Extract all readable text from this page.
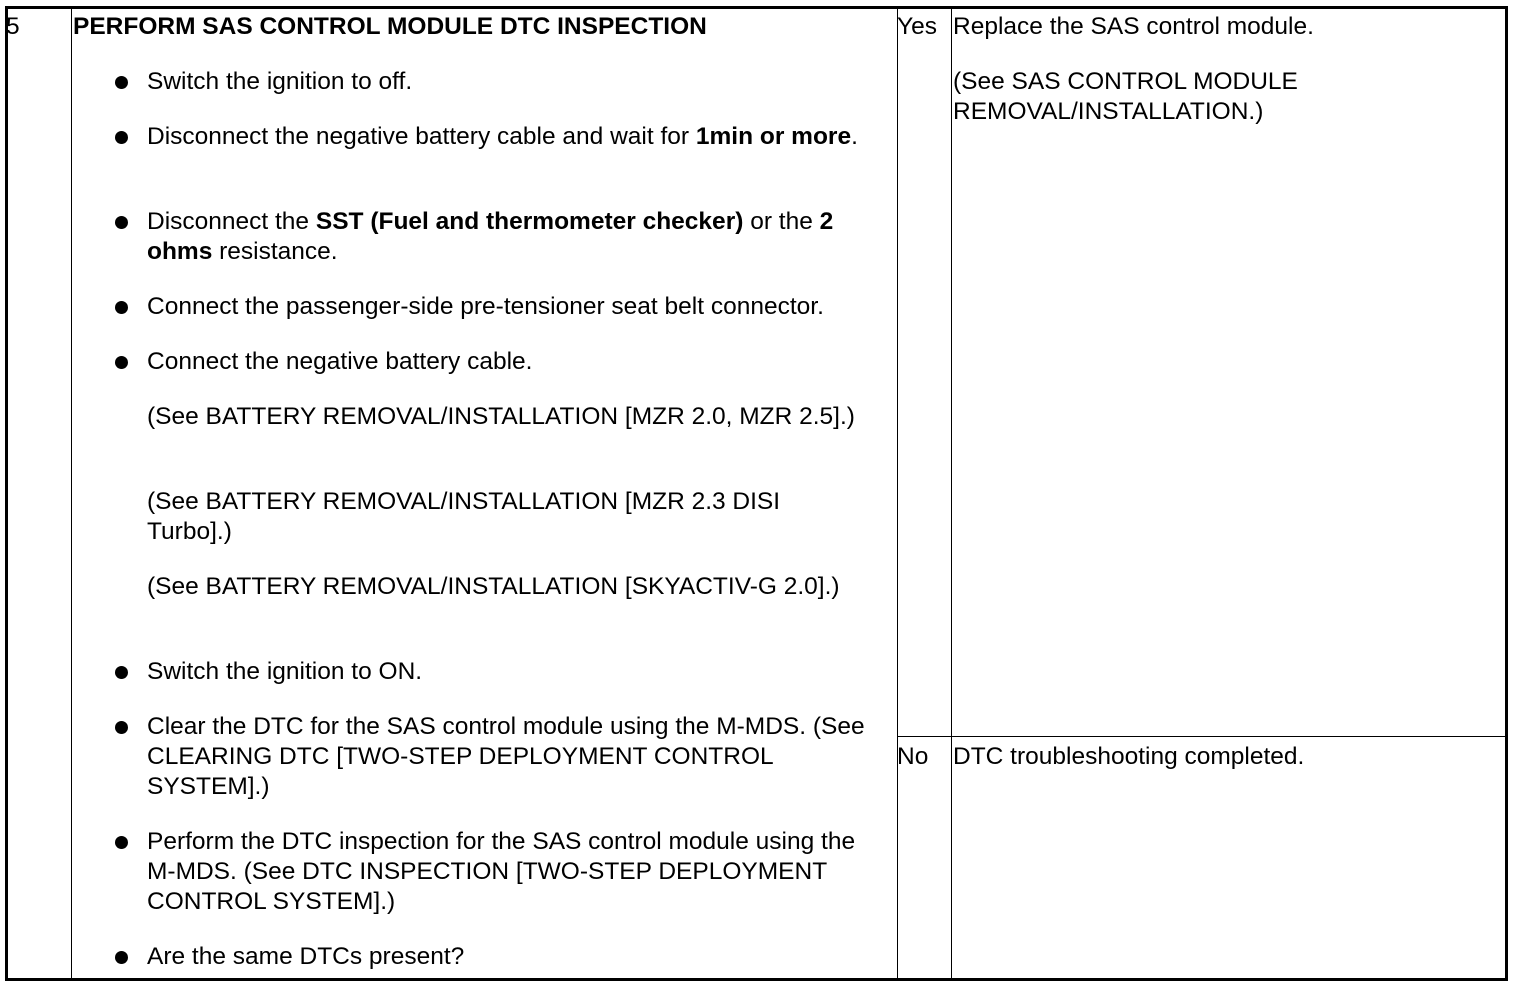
5 PERFORM SAS CONTROL MODULE DTC INSPECTION
Switch the ignition to off.
Disconnect the negative battery cable and wait for 1min or more.
Disconnect the SST (Fuel and thermometer checker) or the 2 ohms resistance.
Connect the passenger-side pre-tensioner seat belt connector.
Connect the negative battery cable.
(See BATTERY REMOVAL/INSTALLATION [MZR 2.0, MZR 2.5].)
(See BATTERY REMOVAL/INSTALLATION [MZR 2.3 DISI Turbo].)
(See BATTERY REMOVAL/INSTALLATION [SKYACTIV-G 2.0].)
Switch the ignition to ON.
Clear the DTC for the SAS control module using the M-MDS. (See CLEARING DTC [TWO-STEP DEPLOYMENT CONTROL SYSTEM].)
Perform the DTC inspection for the SAS control module using the M-MDS. (See DTC INSPECTION [TWO-STEP DEPLOYMENT CONTROL SYSTEM].)
Are the same DTCs present?
Yes Replace the SAS control module.
(See SAS CONTROL MODULE REMOVAL/INSTALLATION.)
No DTC troubleshooting completed.
